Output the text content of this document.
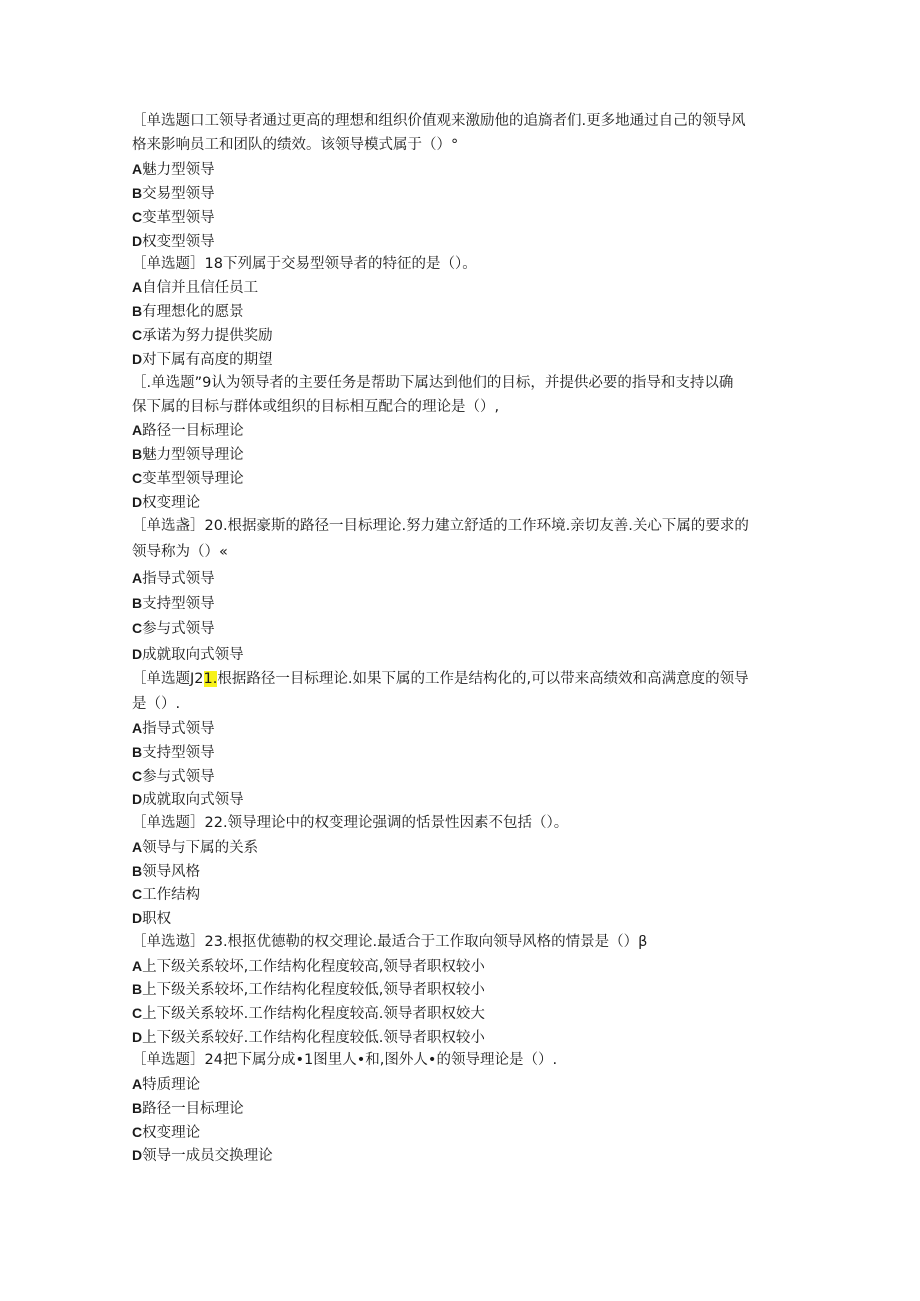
［单选题口工领导者通过更高的理想和组织价值观来激励他的追旖者们.更多地通过自己的领导风
格来影响员工和团队的绩效。该领导模式属于（）°
A魅力型领导
B交易型领导
C变革型领导
D权变型领导
［单选题］18下列属于交易型领导者的特征的是（）。
A自信并且信任员工
B有理想化的愿景
C承诺为努力提供奖励
D对下属有高度的期望
［.单选题”9认为领导者的主要任务是帮助下属达到他们的目标，并提供必要的指导和支持以确
保下属的目标与群体或组织的目标相互配合的理论是（）,
A路径一目标理论
B魅力型领导理论
C变革型领导理论
D权变理论
［单选盏］20.根据豪斯的路径一目标理论.努力建立舒适的工作环境.亲切友善.关心下属的要求的
领导称为（）«
A指导式领导
B支持型领导
C参与式领导
D成就取向式领导
［单选题J21.根据路径一目标理论.如果下属的工作是结构化的,可以带来高绩效和高满意度的领导
是（）.
A指导式领导
B支持型领导
C参与式领导
D成就取向式领导
［单选题］22.领导理论中的权变理论强调的恬景性因素不包括（）。
A领导与下属的关系
B领导风格
C工作结构
D职权
［单选遨］23.根抠优德勒的权交理论.最适合于工作取向领导风格的情景是（）β
A上下级关系较坏,工作结构化程度较高,领导者职权较小
B上下级关系较坏,工作结构化程度较低,领导者职权较小
C上下级关系较坏.工作结构化程度较高.领导者职权姣大
D上下级关系较好.工作结构化程度较低.领导者职权较小
［单选题］24把下属分成•1图里人•和,图外人•的领导理论是（）.
A特质理论
B路径一目标理论
C权变理论
D领导一成员交换理论
